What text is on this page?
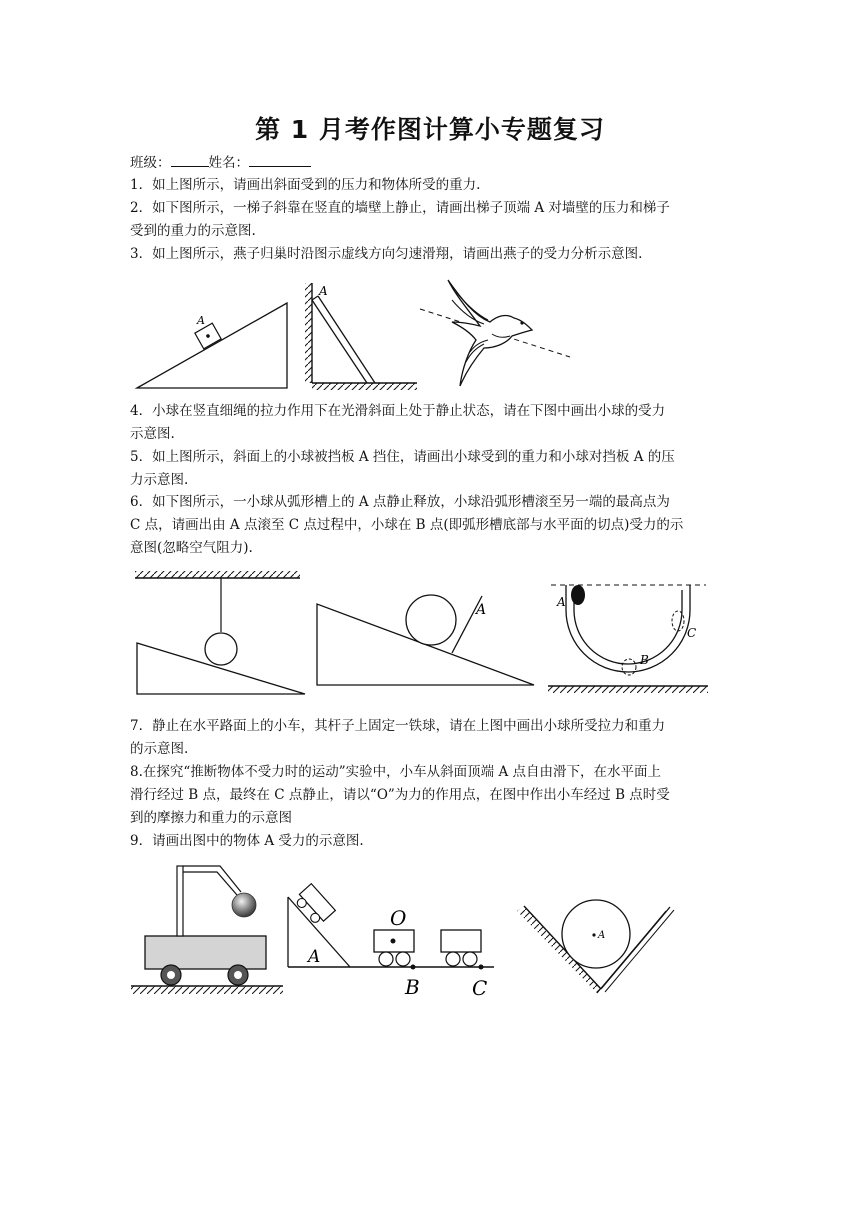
第 1 月考作图计算小专题复习
班级：	姓名：
1．如上图所示，请画出斜面受到的压力和物体所受的重力.
2．如下图所示，一梯子斜靠在竖直的墙壁上静止，请画出梯子顶端 A 对墙壁的压力和梯子
受到的重力的示意图.
3．如上图所示，燕子归巢时沿图示虚线方向匀速滑翔，请画出燕子的受力分析示意图.
4．小球在竖直细绳的拉力作用下在光滑斜面上处于静止状态，请在下图中画出小球的受力
示意图.
5．如上图所示，斜面上的小球被挡板 A 挡住，请画出小球受到的重力和小球对挡板 A 的压
力示意图.
6．如下图所示，一小球从弧形槽上的 A 点静止释放，小球沿弧形槽滚至另一端的最高点为
C 点，请画出由 A 点滚至 C 点过程中，小球在 B 点(即弧形槽底部与水平面的切点)受力的示
意图(忽略空气阻力).
7．静止在水平路面上的小车，其杆子上固定一铁球，请在上图中画出小球所受拉力和重力
的示意图.
8.在探究“推断物体不受力时的运动”实验中，小车从斜面顶端 A 点自由滑下，在水平面上
滑行经过 B 点，最终在 C 点静止，请以“O”为力的作用点，在图中作出小车经过 B 点时受
到的摩擦力和重力的示意图
9．请画出图中的物体 A 受力的示意图.
A
A
A	A
B
C
A
O
B	C
A
